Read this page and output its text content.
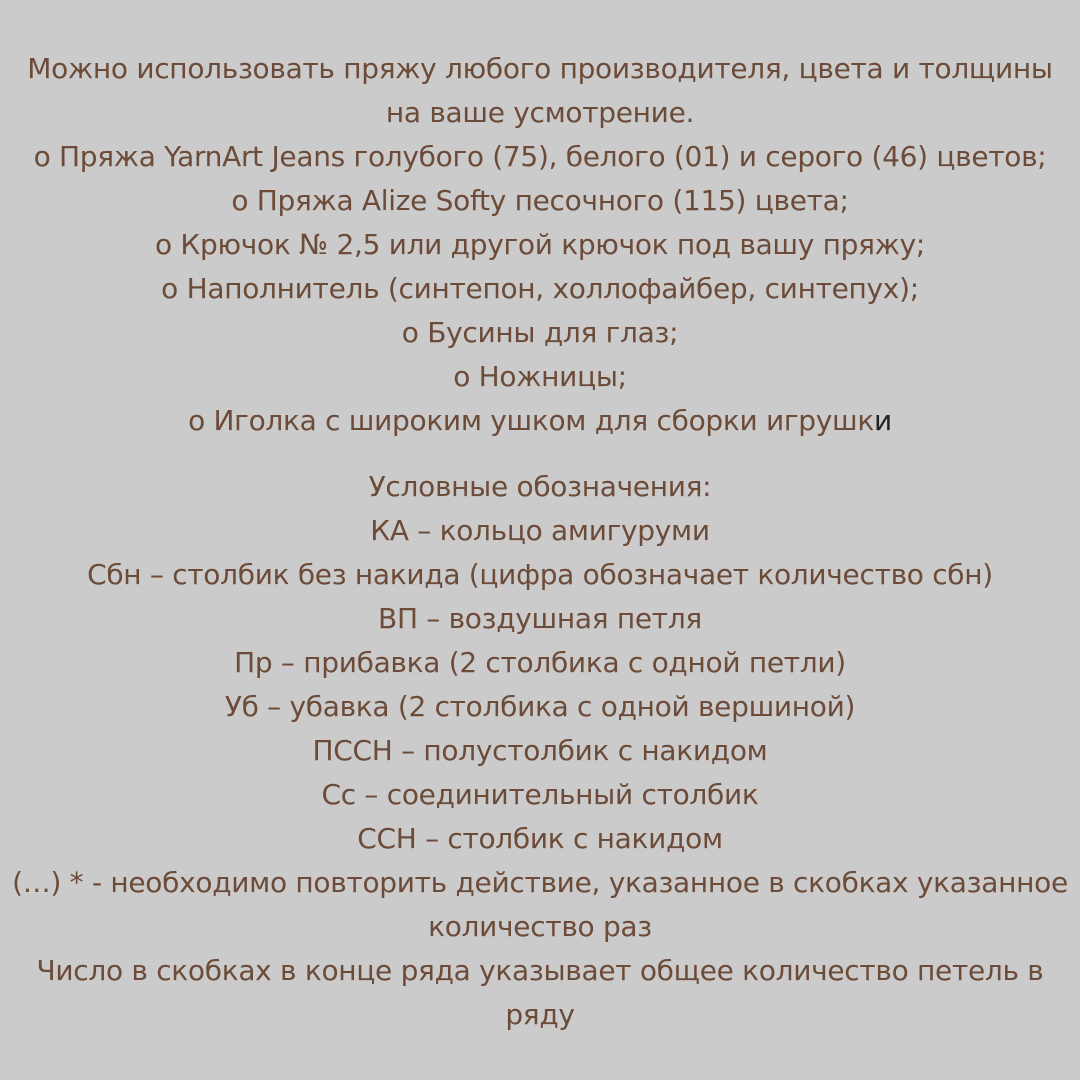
Можно использовать пряжу любого производителя, цвета и толщины
на ваше усмотрение.
o Пряжа YarnArt Jeans голубого (75), белого (01) и серого (46) цветов;
o Пряжа Alize Softy песочного (115) цвета;
o Крючок № 2,5 или другой крючок под вашу пряжу;
o Наполнитель (синтепон, холлофайбер, синтепух);
o Бусины для глаз;
o Ножницы;
o Иголка с широким ушком для сборки игрушки
Условные обозначения:
КА – кольцо амигуруми
Сбн – столбик без накида (цифра обозначает количество сбн)
ВП – воздушная петля
Пр – прибавка (2 столбика с одной петли)
Уб – убавка (2 столбика с одной вершиной)
ПССН – полустолбик с накидом
Сс – соединительный столбик
ССН – столбик с накидом
(…) * - необходимо повторить действие, указанное в скобках указанное
количество раз
Число в скобках в конце ряда указывает общее количество петель в
ряду
